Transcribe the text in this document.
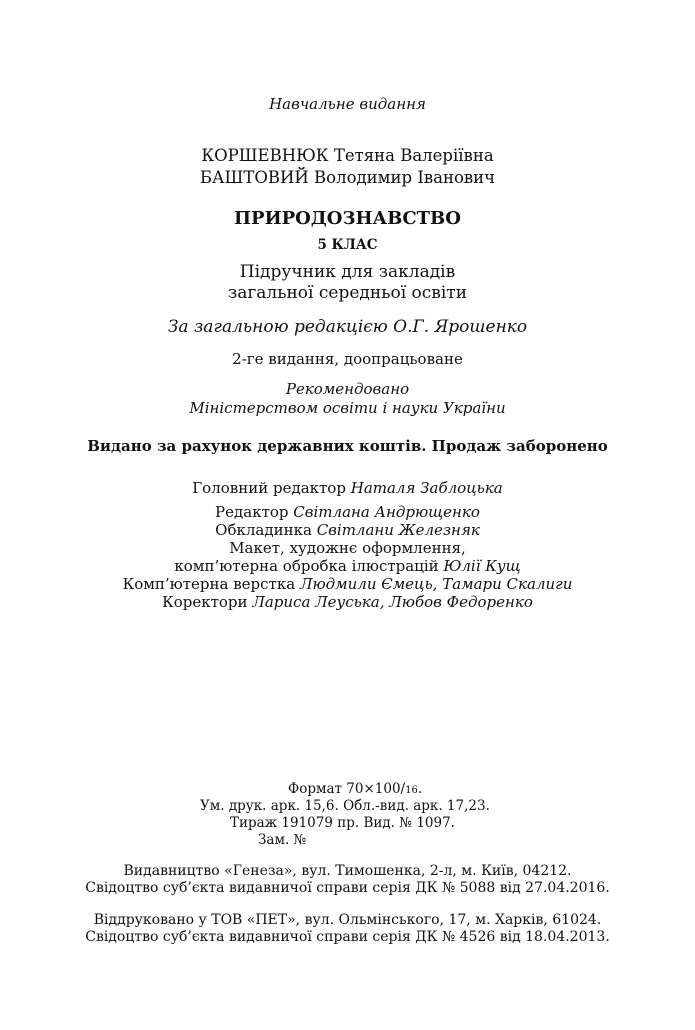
Навчальне видання
КОРШЕВНЮК Тетяна Валеріївна
БАШТОВИЙ Володимир Іванович
ПРИРОДОЗНАВСТВО
5 КЛАС
Підручник для закладів
загальної середньої освіти
За загальною редакцією О.Г. Ярошенко
2-ге видання, доопрацьоване
Рекомендовано
Міністерством освіти і науки України
Видано за рахунок державних коштів. Продаж заборонено
Головний редактор Наталя Заблоцька
Редактор Світлана Андрющенко
Обкладинка Світлани Железняк
Макет, художнє оформлення,
комп’ютерна обробка ілюстрацій Юлії Кущ
Комп’ютерна верстка Людмили Ємець, Тамари Скалиги
Коректори Лариса Леуська, Любов Федоренко
Формат 70×100/16.
Ум. друк. арк. 15,6. Обл.-вид. арк. 17,23.
Тираж 191079 пр. Вид. № 1097.
Зам. №
Видавництво «Генеза», вул. Тимошенка, 2-л, м. Київ, 04212.
Свідоцтво суб’єкта видавничої справи серія ДК № 5088 від 27.04.2016.
Віддруковано у ТОВ «ПЕТ», вул. Ольмінського, 17, м. Харків, 61024.
Свідоцтво суб’єкта видавничої справи серія ДК № 4526 від 18.04.2013.
